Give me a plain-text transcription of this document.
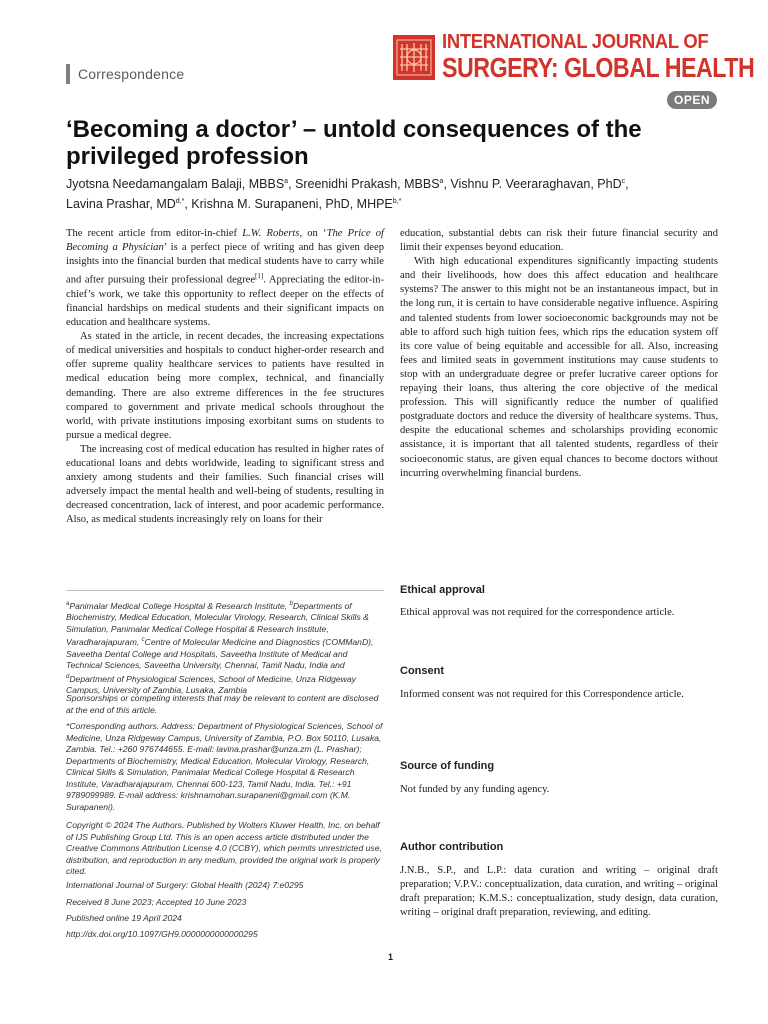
Correspondence
INTERNATIONAL JOURNAL OF
SURGERY: GLOBAL HEALTH
OPEN
‘Becoming a doctor’ – untold consequences of the privileged profession
Jyotsna Needamangalam Balaji, MBBS$^a$, Sreenidhi Prakash, MBBS$^a$, Vishnu P. Veeraraghavan, PhD$^c$,
Lavina Prashar, $MD^{d,*}$, Krishna M. Surapaneni, PhD, $MHPE^{b,*}$

The recent article from editor-in-chief L.W. Roberts, on ‘The Price of Becoming a Physician’ is a perfect piece of writing and has given deep insights into the financial burden that medical students have to carry while and after pursuing their professional degree[1]. Appreciating the editor-in-chief’s work, we take this opportunity to reflect deeper on the effects of financial hardships on medical students and their significant impacts on education and healthcare systems.

As stated in the article, in recent decades, the increasing expectations of medical universities and hospitals to conduct higher-order research and offer supreme quality healthcare services to patients have resulted in medical education being more complex, technical, and financially demanding. There are also extreme differences in the fee structures compared to government and private medical schools throughout the world, with private institutions imposing exorbitant sums on students to pursue a medical degree.

The increasing cost of medical education has resulted in higher rates of educational loans and debts worldwide, leading to significant stress and anxiety among students and their families. Such financial crises will adversely impact the mental health and well-being of students, resulting in decreased concentration, lack of interest, and poor academic performance. Also, as medical students increasingly rely on loans for their

education, substantial debts can risk their future financial security and limit their expenses beyond education.

With high educational expenditures significantly impacting students and their livelihoods, how does this affect education and healthcare systems? The answer to this might not be an instantaneous impact, but in the long run, it is certain to have considerable negative influence. Aspiring and talented students from lower socioeconomic backgrounds may not be able to afford such high tuition fees, which rips the education system off its core value of being equitable and accessible for all. Also, increasing fees and limited seats in government institutions may cause students to stop with an undergraduate degree or prefer lucrative career options for repaying their loans, thus altering the core objective of the medical profession. This will significantly reduce the number of qualified postgraduate doctors and reduce the diversity of healthcare systems. Thus, despite the educational schemes and scholarships providing economic assistance, it is important that all talented students, regardless of their socioeconomic status, are given equal chances to become doctors without incurring overwhelming financial burdens.

Ethical approval
Ethical approval was not required for the correspondence article.
Consent
Informed consent was not required for this Correspondence article.
Source of funding
Not funded by any funding agency.
Author contribution
J.N.B., S.P., and L.P.: data curation and writing – original draft preparation; V.P.V.: conceptualization, data curation, and writing – original draft preparation; K.M.S.: conceptualization, study design, data curation, writing – original draft preparation, reviewing, and editing.
$^a$Panimalar Medical College Hospital & Research Institute, $^b$Departments of Biochemistry, Medical Education, Molecular Virology, Research, Clinical Skills & Simulation, Panimalar Medical College Hospital & Research Institute, Varadharajapuram, $^c$Centre of Molecular Medicine and Diagnostics (COMManD), Saveetha Dental College and Hospitals, Saveetha Institute of Medical and Technical Sciences, Saveetha University, Chennai, Tamil Nadu, India and $^d$Department of Physiological Sciences, School of Medicine, Unza Ridgeway Campus, University of Zambia, Lusaka, Zambia
Sponsorships or competing interests that may be relevant to content are disclosed at the end of this article.
*Corresponding authors. Address: Department of Physiological Sciences, School of Medicine, Unza Ridgeway Campus, University of Zambia, P.O. Box 50110, Lusaka, Zambia. Tel.: +260 976744655. E-mail: lavina.prashar@unza.zm (L. Prashar); Departments of Biochemistry, Medical Education, Molecular Virology, Research, Clinical Skills & Simulation, Panimalar Medical College Hospital & Research Institute, Varadharajapuram, Chennai 600-123, Tamil Nadu, India. Tel.: +91 9789099989. E-mail address: krishnamohan.surapaneni@gmail.com (K.M. Surapaneni).
Copyright © 2024 The Authors. Published by Wolters Kluwer Health, Inc. on behalf of IJS Publishing Group Ltd. This is an open access article distributed under the Creative Commons Attribution License 4.0 (CCBY), which permits unrestricted use, distribution, and reproduction in any medium, provided the original work is properly cited.
International Journal of Surgery: Global Health (2024) 7:e0295
Received 8 June 2023; Accepted 10 June 2023
Published online 19 April 2024
http://dx.doi.org/10.1097/GH9.0000000000000295
1
